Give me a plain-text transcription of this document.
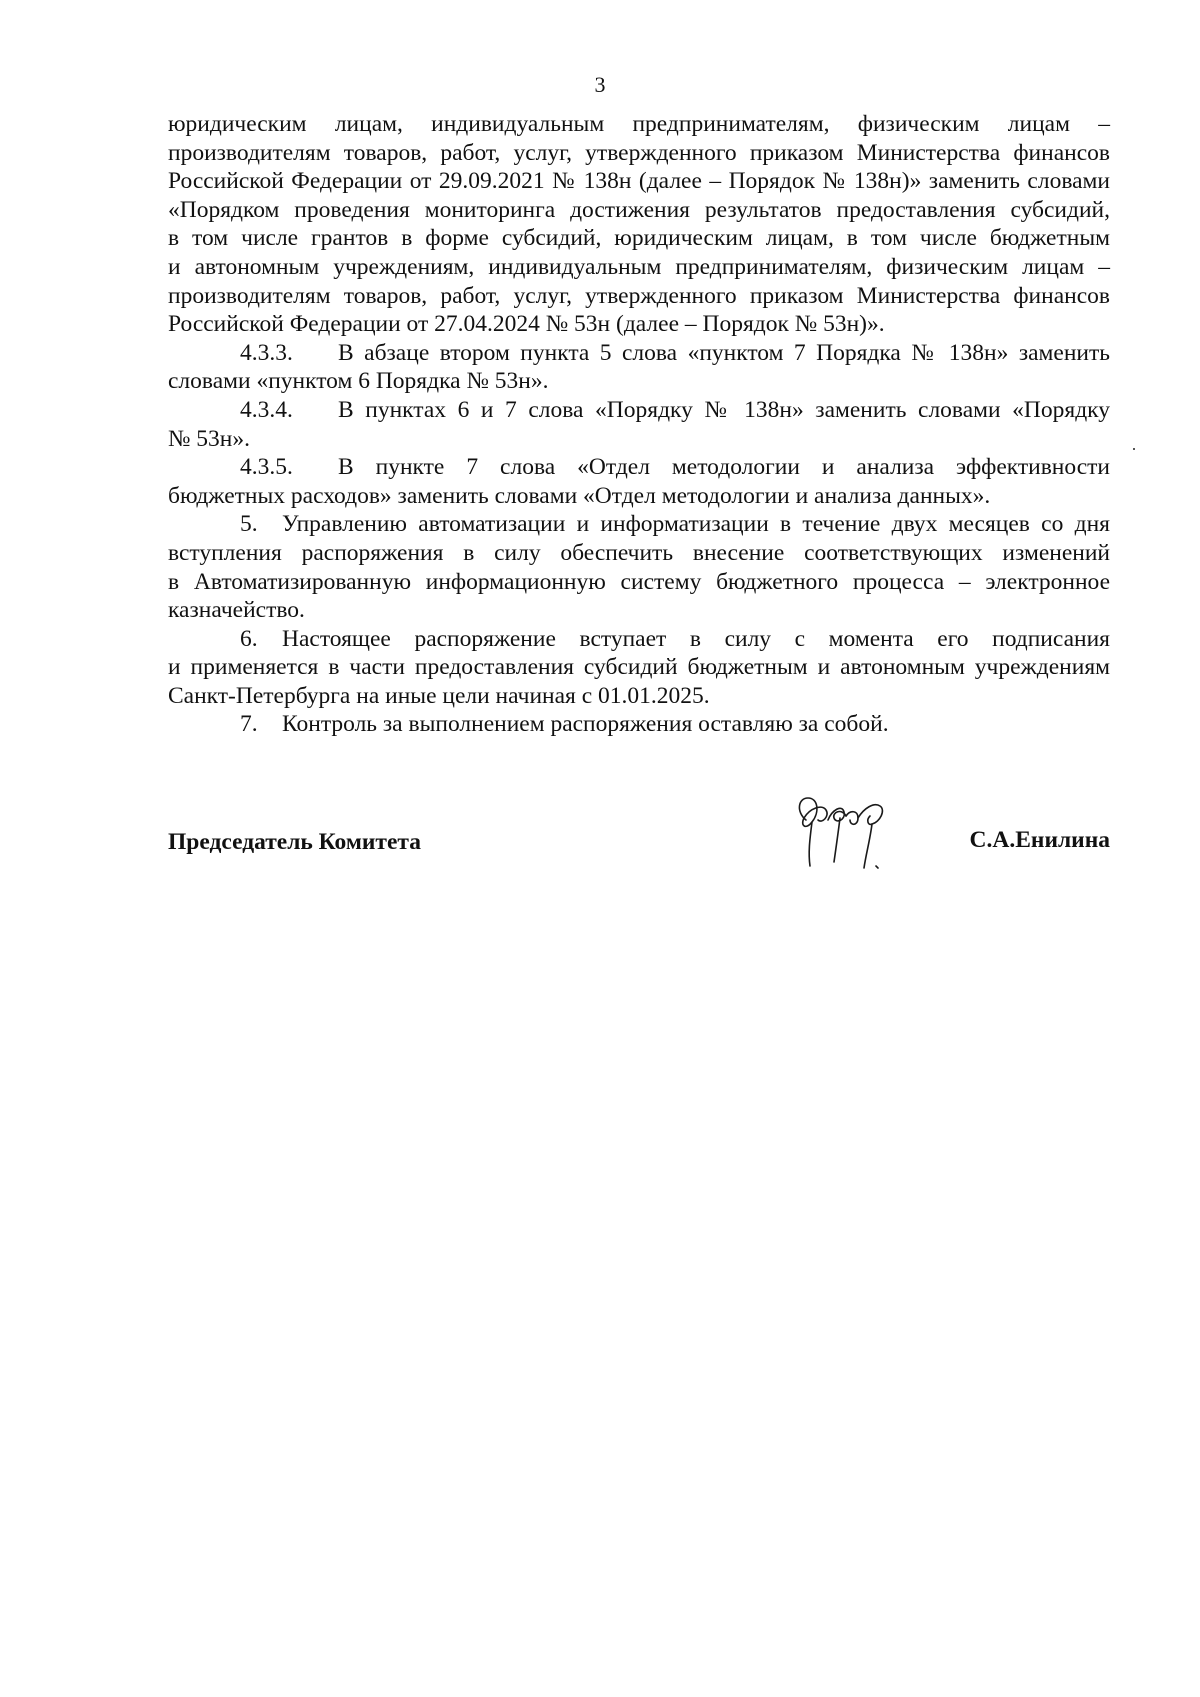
3
юридическим лицам, индивидуальным предпринимателям, физическим лицам –
производителям товаров, работ, услуг, утвержденного приказом Министерства финансов
Российской Федерации от 29.09.2021 № 138н (далее – Порядок № 138н)» заменить словами
«Порядком проведения мониторинга достижения результатов предоставления субсидий,
в том числе грантов в форме субсидий, юридическим лицам, в том числе бюджетным
и автономным учреждениям, индивидуальным предпринимателям, физическим лицам –
производителям товаров, работ, услуг, утвержденного приказом Министерства финансов
Российской Федерации от 27.04.2024 № 53н (далее – Порядок № 53н)».
4.3.3. В абзаце втором пункта 5 слова «пунктом 7 Порядка № 138н» заменить
словами «пунктом 6 Порядка № 53н».
4.3.4. В пунктах 6 и 7 слова «Порядку № 138н» заменить словами «Порядку
№ 53н».
4.3.5. В пункте 7 слова «Отдел методологии и анализа эффективности
бюджетных расходов» заменить словами «Отдел методологии и анализа данных».
5. Управлению автоматизации и информатизации в течение двух месяцев со дня
вступления распоряжения в силу обеспечить внесение соответствующих изменений
в Автоматизированную информационную систему бюджетного процесса – электронное
казначейство.
6. Настоящее распоряжение вступает в силу с момента его подписания
и применяется в части предоставления субсидий бюджетным и автономным учреждениям
Санкт-Петербурга на иные цели начиная с 01.01.2025.
7. Контроль за выполнением распоряжения оставляю за собой.
Председатель Комитета	С.А.Енилина
